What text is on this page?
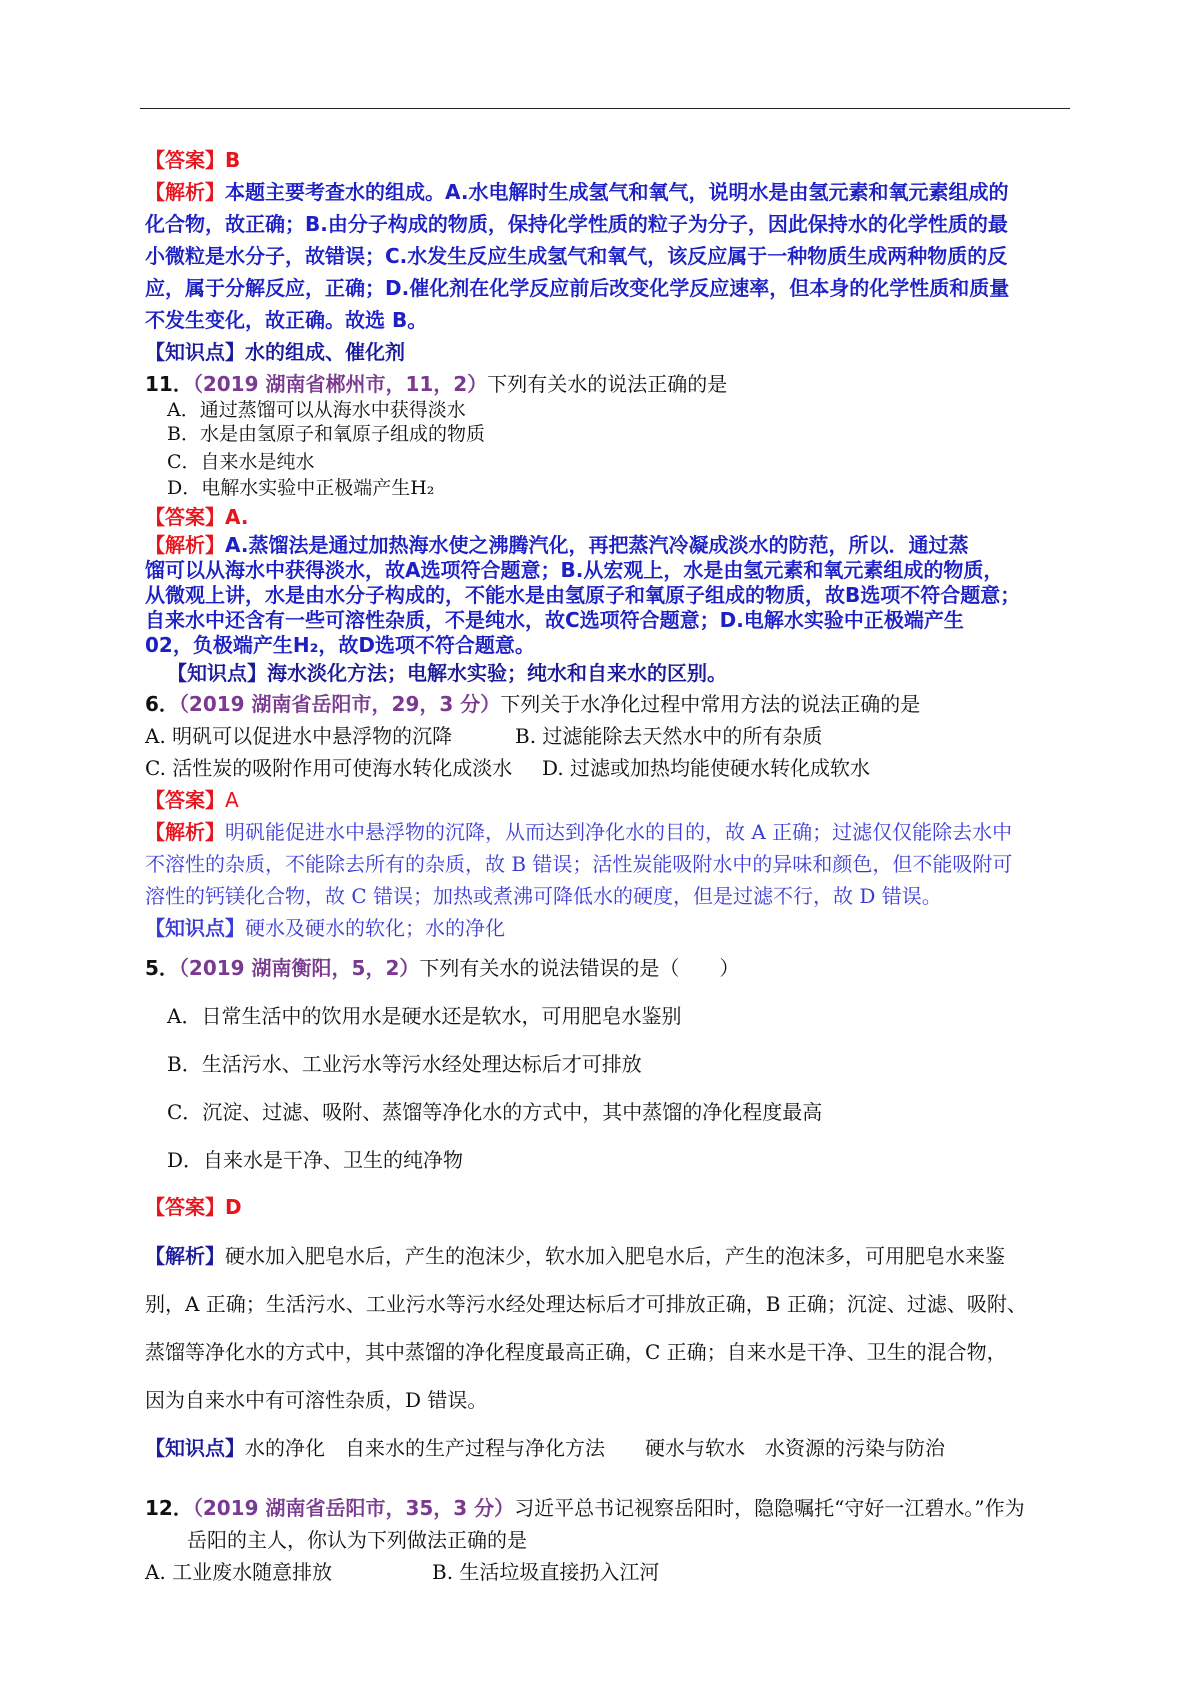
【答案】B
【解析】本题主要考查水的组成。A.水电解时生成氢气和氧气，说明水是由氢元素和氧元素组成的
化合物，故正确；B.由分子构成的物质，保持化学性质的粒子为分子，因此保持水的化学性质的最
小微粒是水分子，故错误；C.水发生反应生成氢气和氧气，该反应属于一种物质生成两种物质的反
应，属于分解反应，正确；D.催化剂在化学反应前后改变化学反应速率，但本身的化学性质和质量
不发生变化，故正确。故选 B。
【知识点】水的组成、催化剂
11．（2019 湖南省郴州市，11，2）下列有关水的说法正确的是
A．通过蒸馏可以从海水中获得淡水
B．水是由氢原子和氧原子组成的物质
C．自来水是纯水
D．电解水实验中正极端产生H₂
【答案】A.
【解析】A.蒸馏法是通过加热海水使之沸腾汽化，再把蒸汽冷凝成淡水的防范，所以．通过蒸
馏可以从海水中获得淡水，故A选项符合题意；B.从宏观上，水是由氢元素和氧元素组成的物质，
从微观上讲，水是由水分子构成的，不能水是由氢原子和氧原子组成的物质，故B选项不符合题意；
自来水中还含有一些可溶性杂质，不是纯水，故C选项符合题意；D.电解水实验中正极端产生
02，负极端产生H₂，故D选项不符合题意。
【知识点】海水淡化方法；电解水实验；纯水和自来水的区别。
6．（2019 湖南省岳阳市，29，3 分）下列关于水净化过程中常用方法的说法正确的是
A. 明矾可以促进水中悬浮物的沉降	B. 过滤能除去天然水中的所有杂质
C. 活性炭的吸附作用可使海水转化成淡水 D. 过滤或加热均能使硬水转化成软水
【答案】A
【解析】明矾能促进水中悬浮物的沉降，从而达到净化水的目的，故 A 正确；过滤仅仅能除去水中
不溶性的杂质，不能除去所有的杂质，故 B 错误；活性炭能吸附水中的异味和颜色，但不能吸附可
溶性的钙镁化合物，故 C 错误；加热或煮沸可降低水的硬度，但是过滤不行，故 D 错误。
【知识点】硬水及硬水的软化；水的净化
5．（2019 湖南衡阳，5，2）下列有关水的说法错误的是（　　）
A．日常生活中的饮用水是硬水还是软水，可用肥皂水鉴别
B．生活污水、工业污水等污水经处理达标后才可排放
C．沉淀、过滤、吸附、蒸馏等净化水的方式中，其中蒸馏的净化程度最高
D．自来水是干净、卫生的纯净物
【答案】D
【解析】硬水加入肥皂水后，产生的泡沫少，软水加入肥皂水后，产生的泡沫多，可用肥皂水来鉴
别，A 正确；生活污水、工业污水等污水经处理达标后才可排放正确，B 正确；沉淀、过滤、吸附、
蒸馏等净化水的方式中，其中蒸馏的净化程度最高正确，C 正确；自来水是干净、卫生的混合物，
因为自来水中有可溶性杂质，D 错误。
【知识点】水的净化　自来水的生产过程与净化方法　　硬水与软水　水资源的污染与防治
12．（2019 湖南省岳阳市，35，3 分）习近平总书记视察岳阳时，隐隐嘱托“守好一江碧水。”作为
岳阳的主人，你认为下列做法正确的是
A. 工业废水随意排放	B. 生活垃圾直接扔入江河
